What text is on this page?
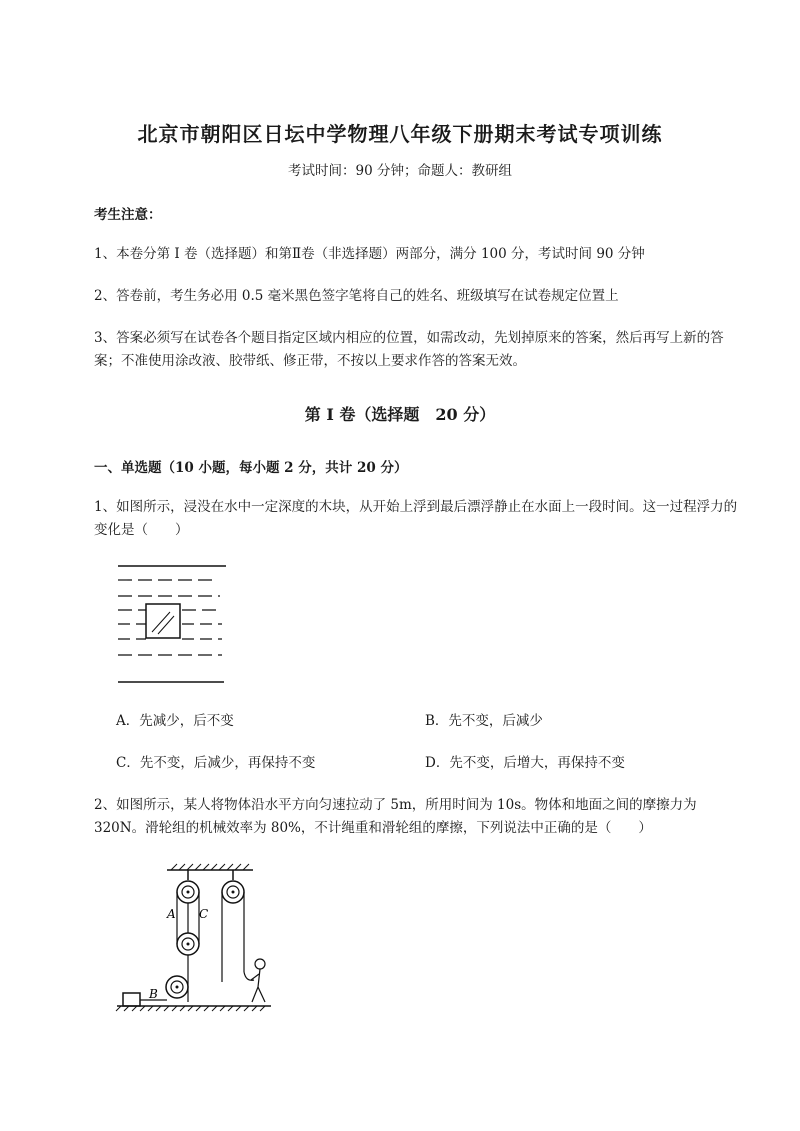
北京市朝阳区日坛中学物理八年级下册期末考试专项训练
考试时间：90 分钟；命题人：教研组
考生注意：
1、本卷分第 I 卷（选择题）和第Ⅱ卷（非选择题）两部分，满分 100 分，考试时间 90 分钟
2、答卷前，考生务必用 0.5 毫米黑色签字笔将自己的姓名、班级填写在试卷规定位置上
3、答案必须写在试卷各个题目指定区域内相应的位置，如需改动，先划掉原来的答案，然后再写上新的答案；不准使用涂改液、胶带纸、修正带，不按以上要求作答的答案无效。
第 I 卷（选择题　20 分）
一、单选题（10 小题，每小题 2 分，共计 20 分）
1、如图所示，浸没在水中一定深度的木块，从开始上浮到最后漂浮静止在水面上一段时间。这一过程浮力的变化是（　　）
A．先减少，后不变	B．先不变，后减少
C．先不变，后减少，再保持不变	D．先不变，后增大，再保持不变
2、如图所示，某人将物体沿水平方向匀速拉动了 5m，所用时间为 10s。物体和地面之间的摩擦力为 320N。滑轮组的机械效率为 80%，不计绳重和滑轮组的摩擦，下列说法中正确的是（　　）
A C
B
